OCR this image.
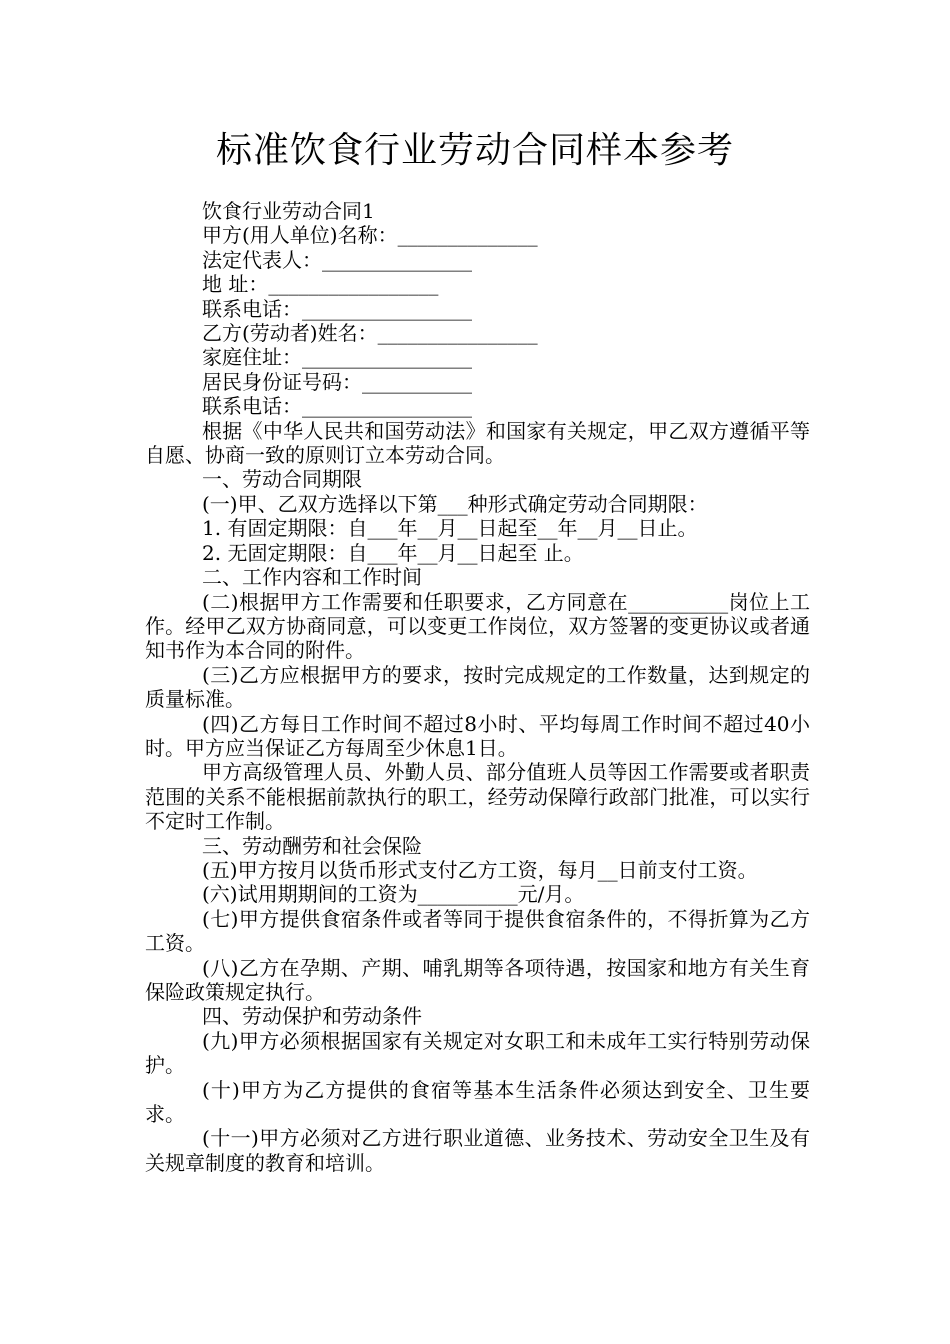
标准饮食行业劳动合同样本参考

饮食行业劳动合同1

甲方(用人单位)名称：______________

法定代表人：_______________

地 址：_________________

联系电话：_________________

乙方(劳动者)姓名：________________

家庭住址：_________________

居民身份证号码：___________

联系电话：_________________

根据《中华人民共和国劳动法》和国家有关规定，甲乙双方遵循平等自愿、协商一致的原则订立本劳动合同。

一、劳动合同期限

(一)甲、乙双方选择以下第___种形式确定劳动合同期限：

1. 有固定期限：自___年__月__日起至__年__月__日止。

2. 无固定期限：自___年__月__日起至 止。

二、工作内容和工作时间

(二)根据甲方工作需要和任职要求，乙方同意在__________岗位上工作。经甲乙双方协商同意，可以变更工作岗位，双方签署的变更协议或者通知书作为本合同的附件。

(三)乙方应根据甲方的要求，按时完成规定的工作数量，达到规定的质量标准。

(四)乙方每日工作时间不超过8小时、平均每周工作时间不超过40小时。甲方应当保证乙方每周至少休息1日。

甲方高级管理人员、外勤人员、部分值班人员等因工作需要或者职责范围的关系不能根据前款执行的职工，经劳动保障行政部门批准，可以实行不定时工作制。

三、劳动酬劳和社会保险

(五)甲方按月以货币形式支付乙方工资，每月__日前支付工资。

(六)试用期期间的工资为__________元/月。

(七)甲方提供食宿条件或者等同于提供食宿条件的，不得折算为乙方工资。

(八)乙方在孕期、产期、哺乳期等各项待遇，按国家和地方有关生育保险政策规定执行。

四、劳动保护和劳动条件

(九)甲方必须根据国家有关规定对女职工和未成年工实行特别劳动保护。

(十)甲方为乙方提供的食宿等基本生活条件必须达到安全、卫生要求。

(十一)甲方必须对乙方进行职业道德、业务技术、劳动安全卫生及有关规章制度的教育和培训。
